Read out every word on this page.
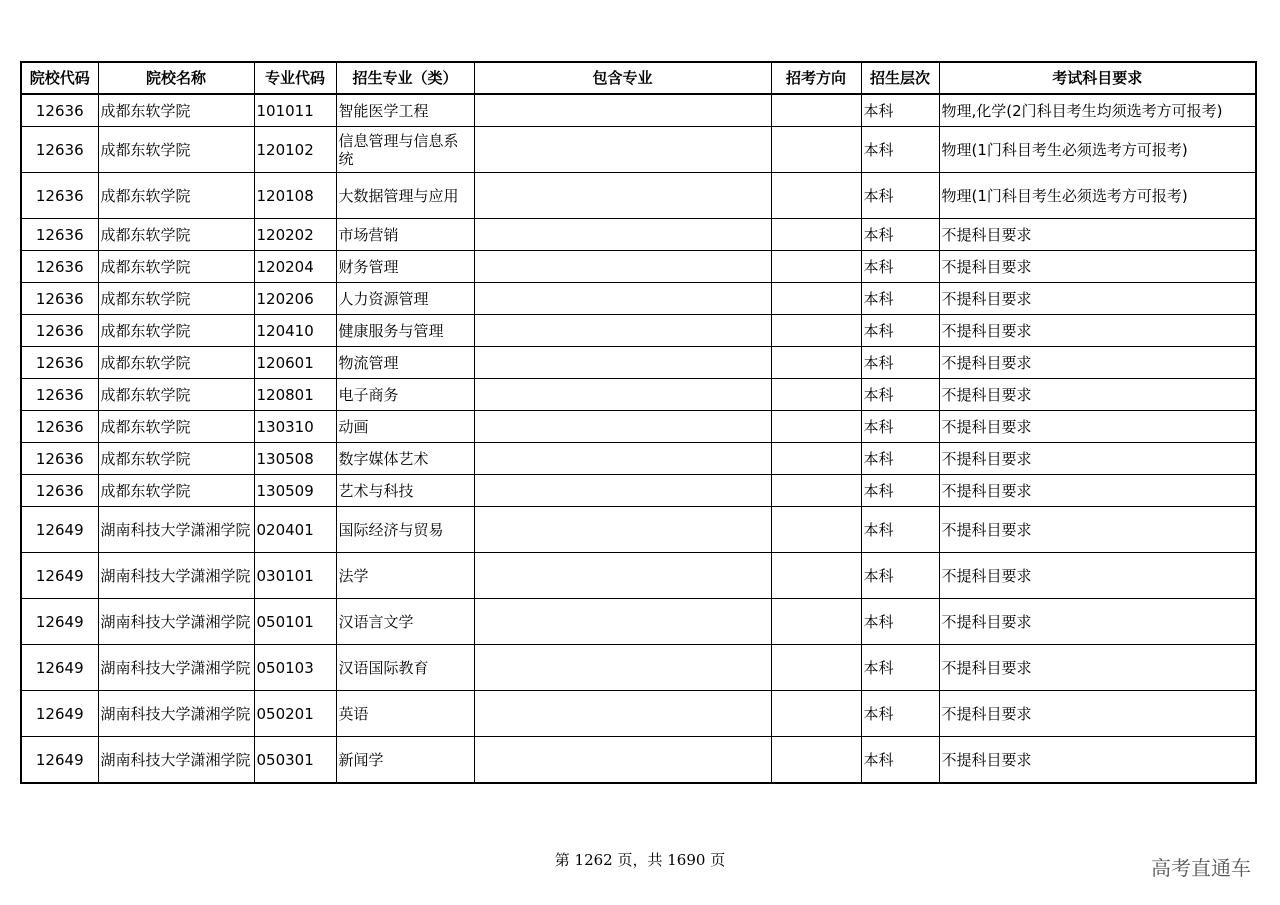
院校代码	院校名称	专业代码	招生专业（类）	包含专业	招考方向	招生层次	考试科目要求
12636	成都东软学院	101011	智能医学工程			本科	物理,化学(2门科目考生均须选考方可报考)
12636	成都东软学院	120102	信息管理与信息系统			本科	物理(1门科目考生必须选考方可报考)
12636	成都东软学院	120108	大数据管理与应用			本科	物理(1门科目考生必须选考方可报考)
12636	成都东软学院	120202	市场营销			本科	不提科目要求
12636	成都东软学院	120204	财务管理			本科	不提科目要求
12636	成都东软学院	120206	人力资源管理			本科	不提科目要求
12636	成都东软学院	120410	健康服务与管理			本科	不提科目要求
12636	成都东软学院	120601	物流管理			本科	不提科目要求
12636	成都东软学院	120801	电子商务			本科	不提科目要求
12636	成都东软学院	130310	动画			本科	不提科目要求
12636	成都东软学院	130508	数字媒体艺术			本科	不提科目要求
12636	成都东软学院	130509	艺术与科技			本科	不提科目要求
12649	湖南科技大学潇湘学院	020401	国际经济与贸易			本科	不提科目要求
12649	湖南科技大学潇湘学院	030101	法学			本科	不提科目要求
12649	湖南科技大学潇湘学院	050101	汉语言文学			本科	不提科目要求
12649	湖南科技大学潇湘学院	050103	汉语国际教育			本科	不提科目要求
12649	湖南科技大学潇湘学院	050201	英语			本科	不提科目要求
12649	湖南科技大学潇湘学院	050301	新闻学			本科	不提科目要求
第 1262 页，共 1690 页	高考直通车
